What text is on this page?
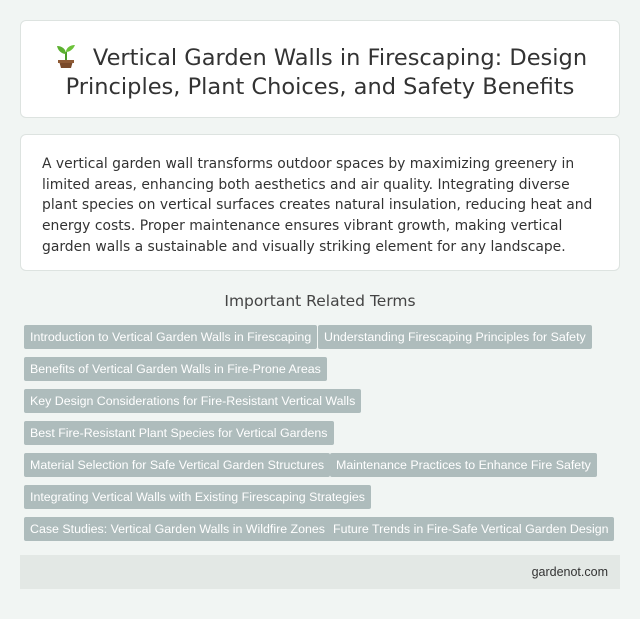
Vertical Garden Walls in Firescaping: Design Principles, Plant Choices, and Safety Benefits

A vertical garden wall transforms outdoor spaces by maximizing greenery in limited areas, enhancing both aesthetics and air quality. Integrating diverse plant species on vertical surfaces creates natural insulation, reducing heat and energy costs. Proper maintenance ensures vibrant growth, making vertical garden walls a sustainable and visually striking element for any landscape.

Important Related Terms
Introduction to Vertical Garden Walls in Firescaping	Understanding Firescaping Principles for Safety
Benefits of Vertical Garden Walls in Fire-Prone Areas
Key Design Considerations for Fire-Resistant Vertical Walls
Best Fire-Resistant Plant Species for Vertical Gardens
Material Selection for Safe Vertical Garden Structures Maintenance Practices to Enhance Fire Safety
Integrating Vertical Walls with Existing Firescaping Strategies
Case Studies: Vertical Garden Walls in Wildfire Zones Future Trends in Fire-Safe Vertical Garden Design
gardenot.com
